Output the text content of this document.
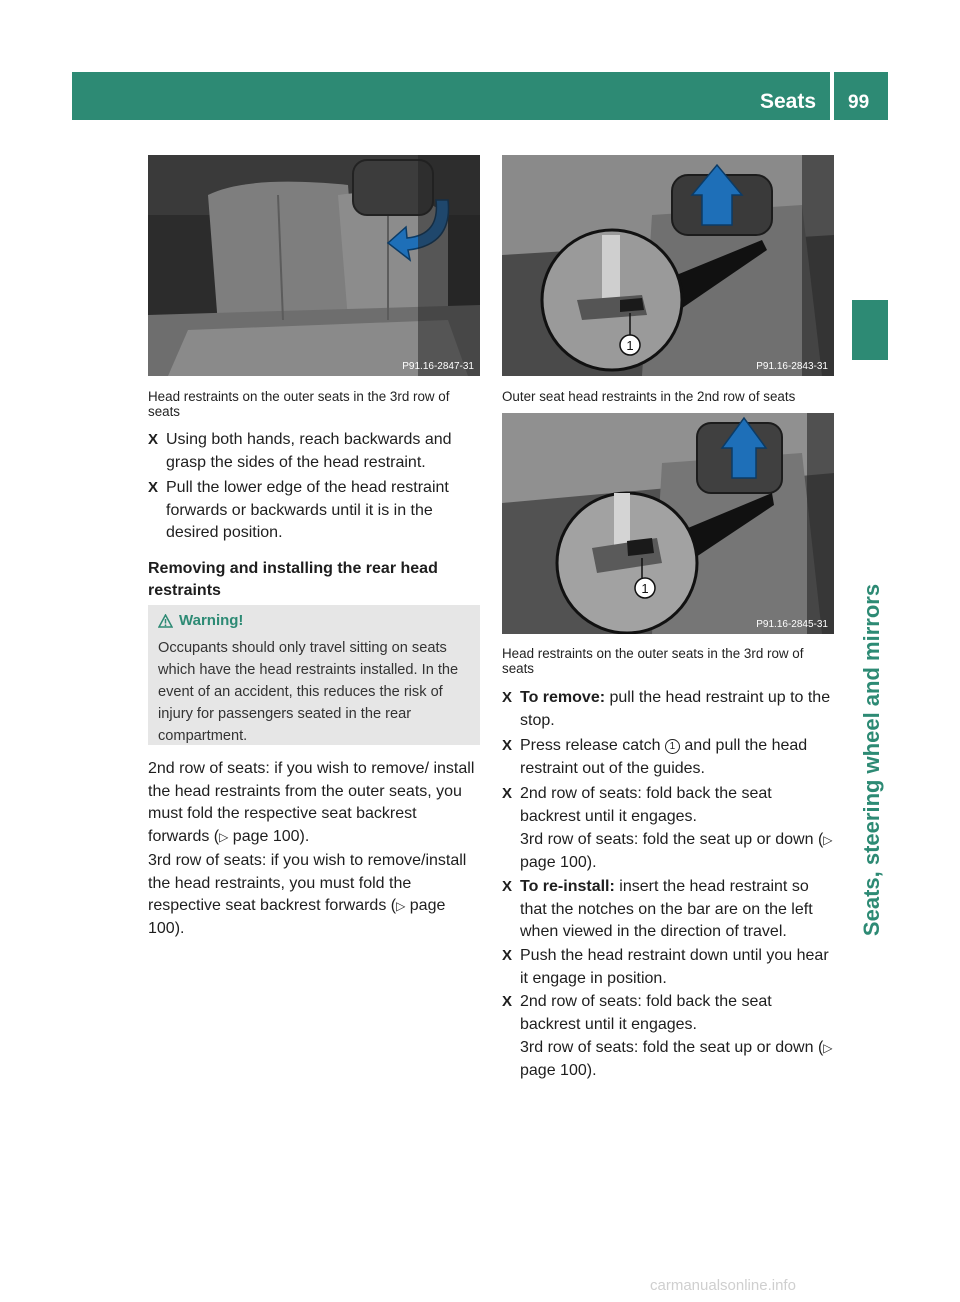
Seats 99
Seats, steering wheel and mirrors
P91.16-2847-31
1
P91.16-2843-31
1
P91.16-2845-31
Head restraints on the outer seats in the 3rd row of seats
X Using both hands, reach backwards and grasp the sides of the head restraint.
X Pull the lower edge of the head restraint forwards or backwards until it is in the desired position.
Removing and installing the rear head restraints
Warning!
Occupants should only travel sitting on seats which have the head restraints installed. In the event of an accident, this reduces the risk of injury for passengers seated in the rear compartment.
2nd row of seats: if you wish to remove/ install the head restraints from the outer seats, you must fold the respective seat backrest forwards (▷ page 100).
3rd row of seats: if you wish to remove/install the head restraints, you must fold the respective seat backrest forwards (▷ page 100).
Outer seat head restraints in the 2nd row of seats
Head restraints on the outer seats in the 3rd row of seats
X To remove: pull the head restraint up to the stop.
X Press release catch 1 and pull the head restraint out of the guides.
X 2nd row of seats: fold back the seat backrest until it engages.
3rd row of seats: fold the seat up or down (▷ page 100).
X To re-install: insert the head restraint so that the notches on the bar are on the left when viewed in the direction of travel.
X Push the head restraint down until you hear it engage in position.
X 2nd row of seats: fold back the seat backrest until it engages.
3rd row of seats: fold the seat up or down (▷ page 100).
carmanualsonline.info
